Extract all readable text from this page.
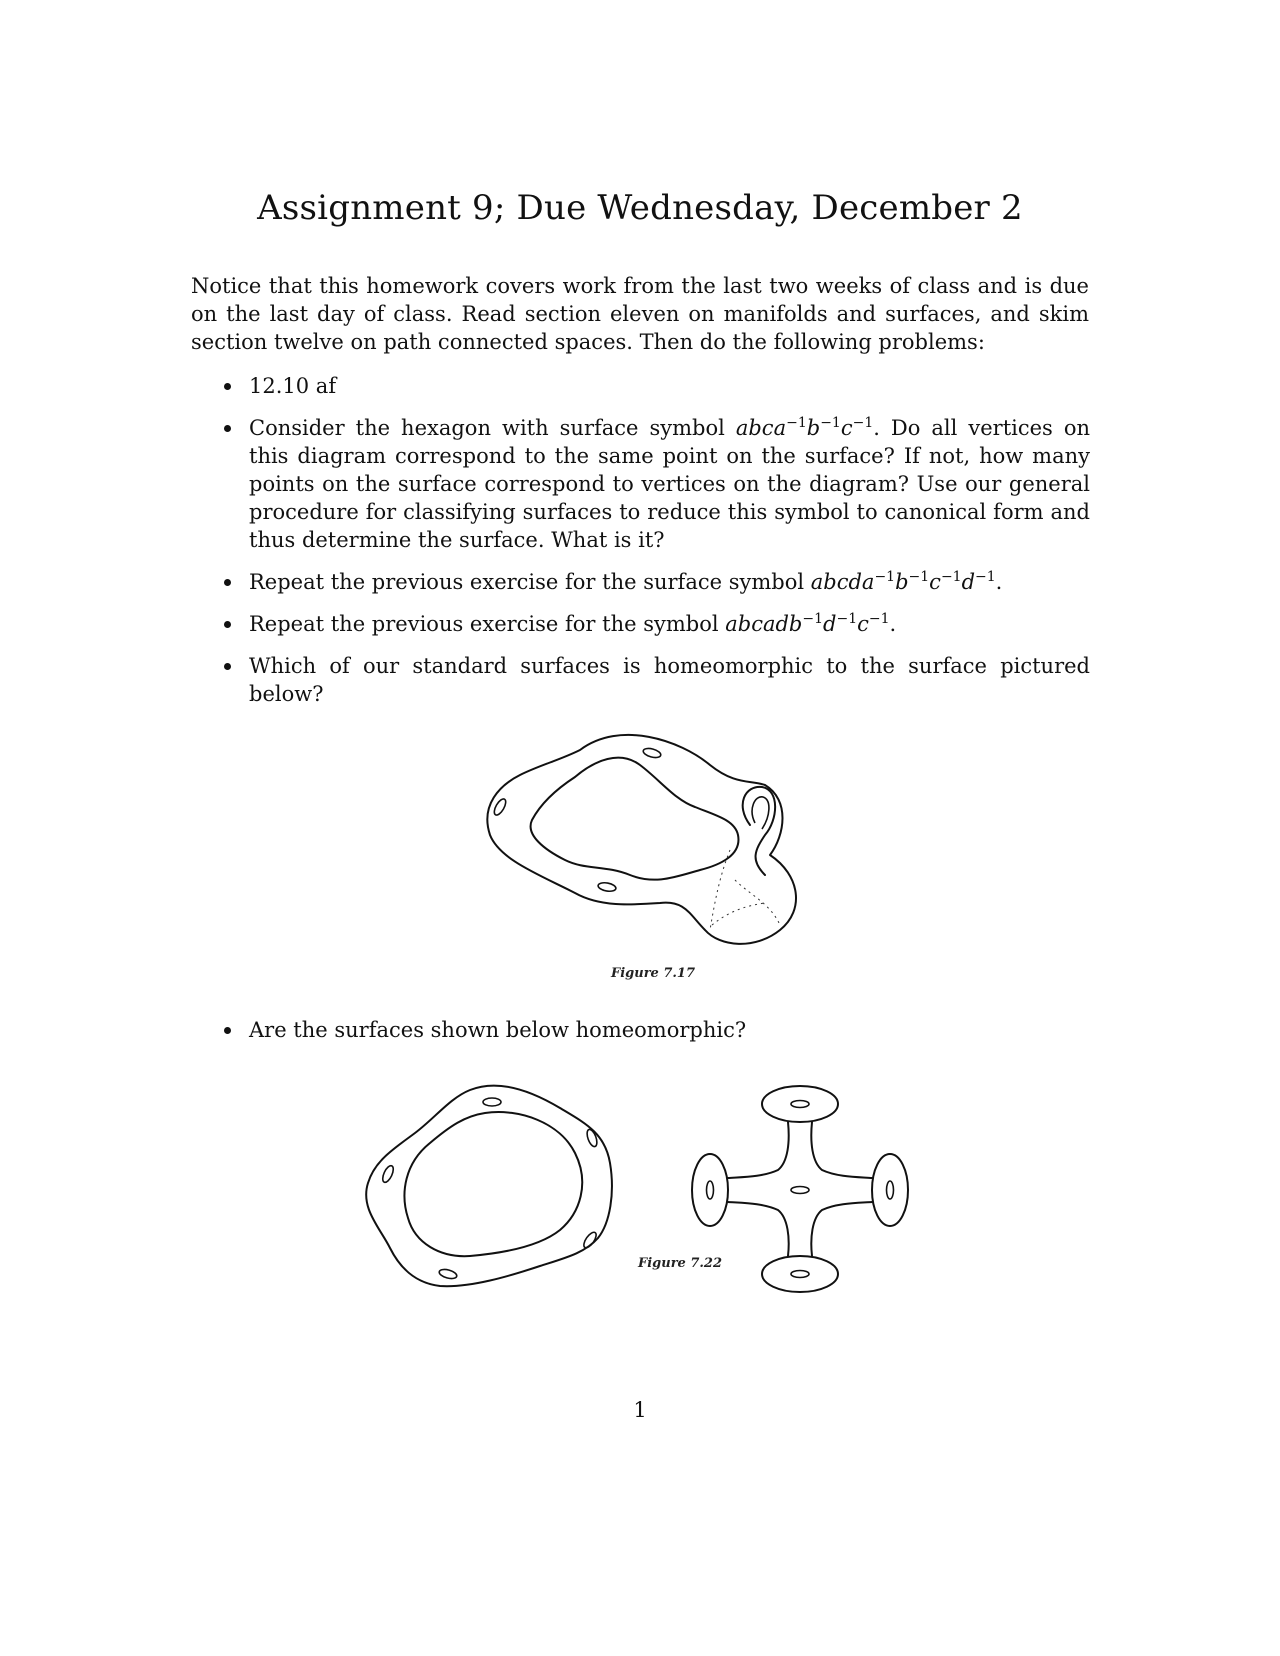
Assignment 9; Due Wednesday, December 2

Notice that this homework covers work from the last two weeks of class and is due on the last day of class. Read section eleven on manifolds and surfaces, and skim section twelve on path connected spaces. Then do the following problems:

12.10 af
Consider the hexagon with surface symbol $abca^{-1}b^{-1}c^{-1}$. Do all vertices on this diagram correspond to the same point on the surface? If not, how many points on the surface correspond to vertices on the diagram? Use our general procedure for classifying surfaces to reduce this symbol to canonical form and thus determine the surface. What is it?
Repeat the previous exercise for the surface symbol $abcda^{-1}b^{-1}c^{-1}d^{-1}$.
Repeat the previous exercise for the symbol $abcadb^{-1}d^{-1}c^{-1}$.
Which of our standard surfaces is homeomorphic to the surface pictured below?
Figure 7.17
Are the surfaces shown below homeomorphic?
Figure 7.22
1
